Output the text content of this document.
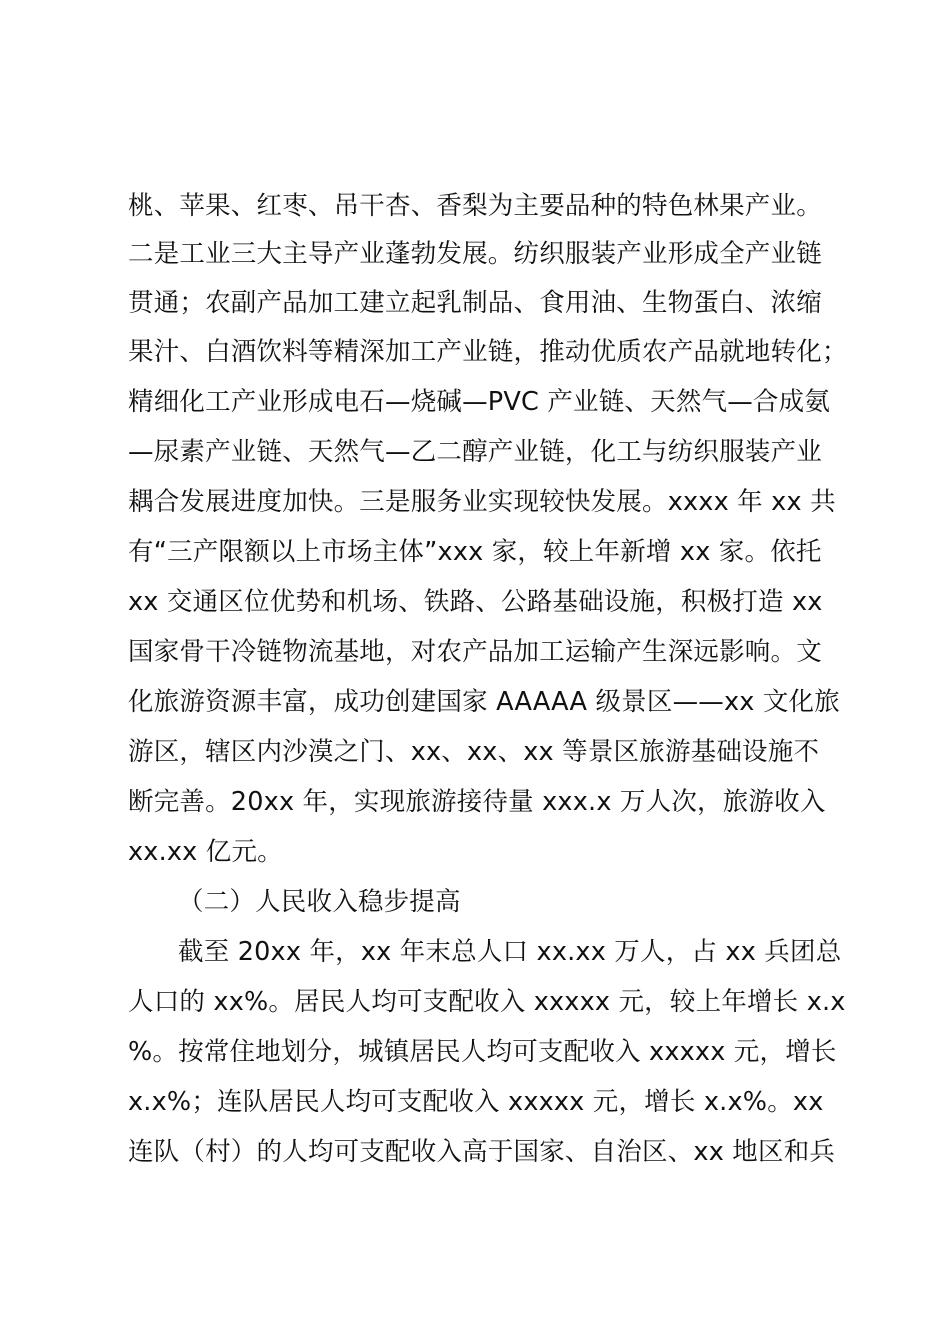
桃、苹果、红枣、吊干杏、香梨为主要品种的特色林果产业。
二是工业三大主导产业蓬勃发展。纺织服装产业形成全产业链
贯通；农副产品加工建立起乳制品、食用油、生物蛋白、浓缩
果汁、白酒饮料等精深加工产业链，推动优质农产品就地转化；
精细化工产业形成电石—烧碱—PVC 产业链、天然气—合成氨
—尿素产业链、天然气—乙二醇产业链，化工与纺织服装产业
耦合发展进度加快。三是服务业实现较快发展。xxxx 年 xx 共
有“三产限额以上市场主体”xxx 家，较上年新增 xx 家。依托
xx 交通区位优势和机场、铁路、公路基础设施，积极打造 xx
国家骨干冷链物流基地，对农产品加工运输产生深远影响。文
化旅游资源丰富，成功创建国家 AAAAA 级景区——xx 文化旅
游区，辖区内沙漠之门、xx、xx、xx 等景区旅游基础设施不
断完善。20xx 年，实现旅游接待量 xxx.x 万人次，旅游收入
xx.xx 亿元。
（二）人民收入稳步提高
截至 20xx 年，xx 年末总人口 xx.xx 万人，占 xx 兵团总
人口的 xx%。居民人均可支配收入 xxxxx 元，较上年增长 x.x
%。按常住地划分，城镇居民人均可支配收入 xxxxx 元，增长
x.x%；连队居民人均可支配收入 xxxxx 元，增长 x.x%。xx
连队（村）的人均可支配收入高于国家、自治区、xx 地区和兵
